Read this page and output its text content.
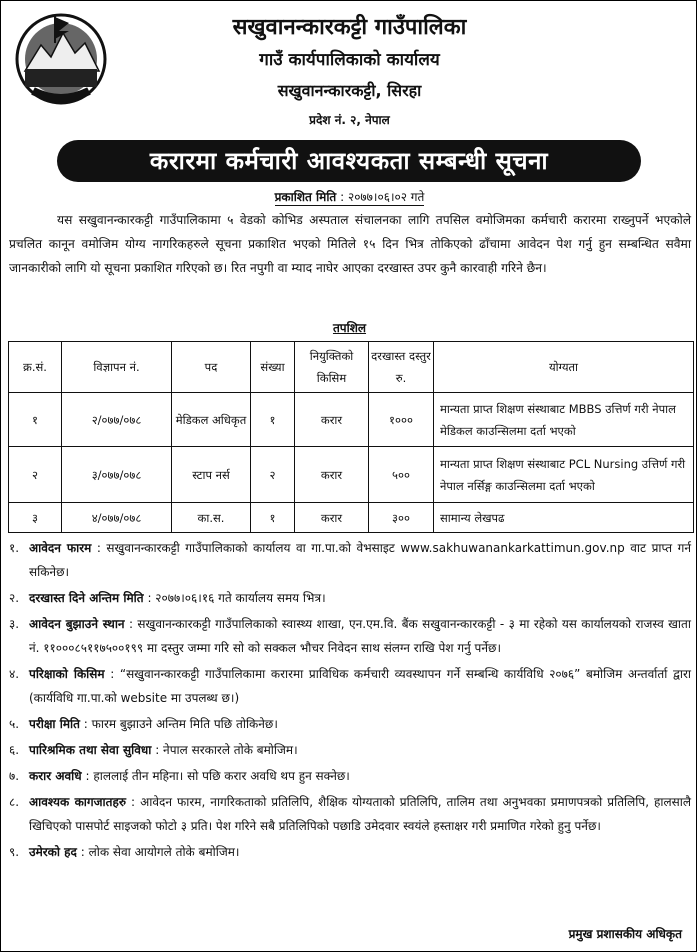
सखुवानन्कारकट्टी गाउँपालिका
गाउँ कार्यपालिकाको कार्यालय
सखुवानन्कारकट्टी, सिरहा
प्रदेश नं. २, नेपाल
करारमा कर्मचारी आवश्यकता सम्बन्धी सूचना
प्रकाशित मिति : २०७७।०६।०२ गते
यस सखुवानन्कारकट्टी गाउँपालिकामा ५ वेडको कोभिड अस्पताल संचालनका लागि तपसिल वमोजिमका कर्मचारी करारमा राख्नुपर्ने भएकोले प्रचलित कानून वमोजिम योग्य नागरिकहरुले सूचना प्रकाशित भएको मितिले १५ दिन भित्र तोकिएको ढाँचामा आवेदन पेश गर्नु हुन सम्बन्धित सवैमा जानकारीको लागि यो सूचना प्रकाशित गरिएको छ। रित नपुगी वा म्याद नाघेर आएका दरखास्त उपर कुनै कारवाही गरिने छैन।
तपशिल
क्र.सं.	विज्ञापन नं.	पद	संख्या	नियुक्तिको किसिम	दरखास्त दस्तुर रु.	योग्यता
१	२/०७७/०७८	मेडिकल अधिकृत	१	करार	१०००	मान्यता प्राप्त शिक्षण संस्थाबाट MBBS उत्तिर्ण गरी नेपाल मेडिकल काउन्सिलमा दर्ता भएको
२	३/०७७/०७८	स्टाप नर्स	२	करार	५००	मान्यता प्राप्त शिक्षण संस्थाबाट PCL Nursing उत्तिर्ण गरी नेपाल नर्सिङ्ग काउन्सिलमा दर्ता भएको
३	४/०७७/०७८	का.स.	१	करार	३००	सामान्य लेखपढ
१. आवेदन फारम : सखुवानन्कारकट्टी गाउँपालिकाको कार्यालय वा गा.पा.को वेभसाइट www.sakhuwanankarkattimun.gov.np वाट प्राप्त गर्न सकिनेछ।
२. दरखास्त दिने अन्तिम मिति : २०७७।०६।१६ गते कार्यालय समय भित्र।
३. आवेदन बुझाउने स्थान : सखुवानन्कारकट्टी गाउँपालिकाको स्वास्थ्य शाखा, एन.एम.वि. बैंक सखुवानन्कारकट्टी - ३ मा रहेको यस कार्यालयको राजस्व खाता नं. ११०००८५११७५००१९९ मा दस्तुर जम्मा गरि सो को सक्कल भौचर निवेदन साथ संलग्न राखि पेश गर्नु पर्नेछ।
४. परिक्षाको किसिम : “सखुवानन्कारकट्टी गाउँपालिकामा करारमा प्राविधिक कर्मचारी व्यवस्थापन गर्ने सम्बन्धि कार्यविधि २०७६” बमोजिम अन्तर्वार्ता द्वारा (कार्यविधि गा.पा.को website मा उपलब्ध छ।)
५. परीक्षा मिति : फारम बुझाउने अन्तिम मिति पछि तोकिनेछ।
६. पारिश्रमिक तथा सेवा सुविधा : नेपाल सरकारले तोके बमोजिम।
७. करार अवधि : हाललाई तीन महिना। सो पछि करार अवधि थप हुन सक्नेछ।
८. आवश्यक कागजातहरु : आवेदन फारम, नागरिकताको प्रतिलिपि, शैक्षिक योग्यताको प्रतिलिपि, तालिम तथा अनुभवका प्रमाणपत्रको प्रतिलिपि, हालसालै खिचिएको पासपोर्ट साइजको फोटो ३ प्रति। पेश गरिने सबै प्रतिलिपिको पछाडि उमेदवार स्वयंले हस्ताक्षर गरी प्रमाणित गरेको हुनु पर्नेछ।
९. उमेरको हद : लोक सेवा आयोगले तोके बमोजिम।
प्रमुख प्रशासकीय अधिकृत
